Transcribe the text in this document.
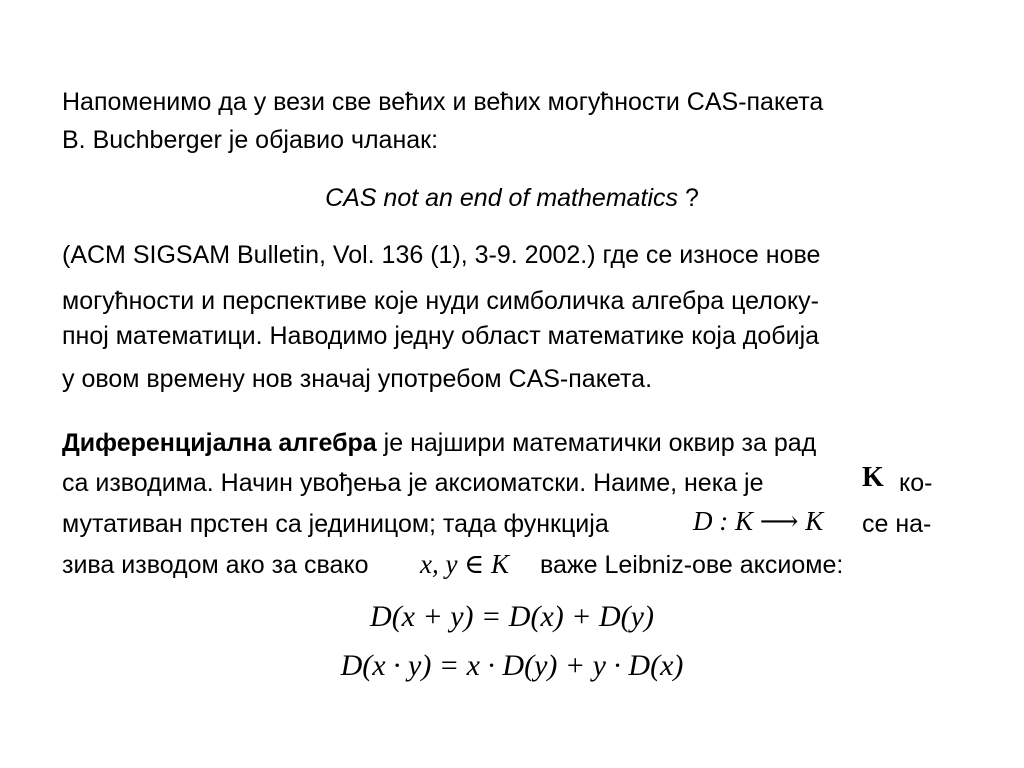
Напоменимо да у вези све већих и већих могућности CAS-пакета
B. Buchberger је објавио чланак:
CAS not an end of mathematics ?
(ACM SIGSAM Bulletin, Vol. 136 (1), 3-9. 2002.) где се износе нове
могућности и перспективе које нуди симболичка алгебра целоку-
пној математици. Наводимо једну област математике која добија
у овом времену нов значај употребом CAS-пакета.
Диференцијална алгебра је најшири математички оквир за рад
са изводима. Начин увођења је аксиоматски. Наиме, нека је	K ко-
мутативан прстен са јединицом; тада функција	D : K ⟶ K се на-
зива изводом ако за свако x, y ∈ K важе Leibniz-ове аксиоме:
D(x + y) = D(x) + D(y)
D(x · y) = x · D(y) + y · D(x)
